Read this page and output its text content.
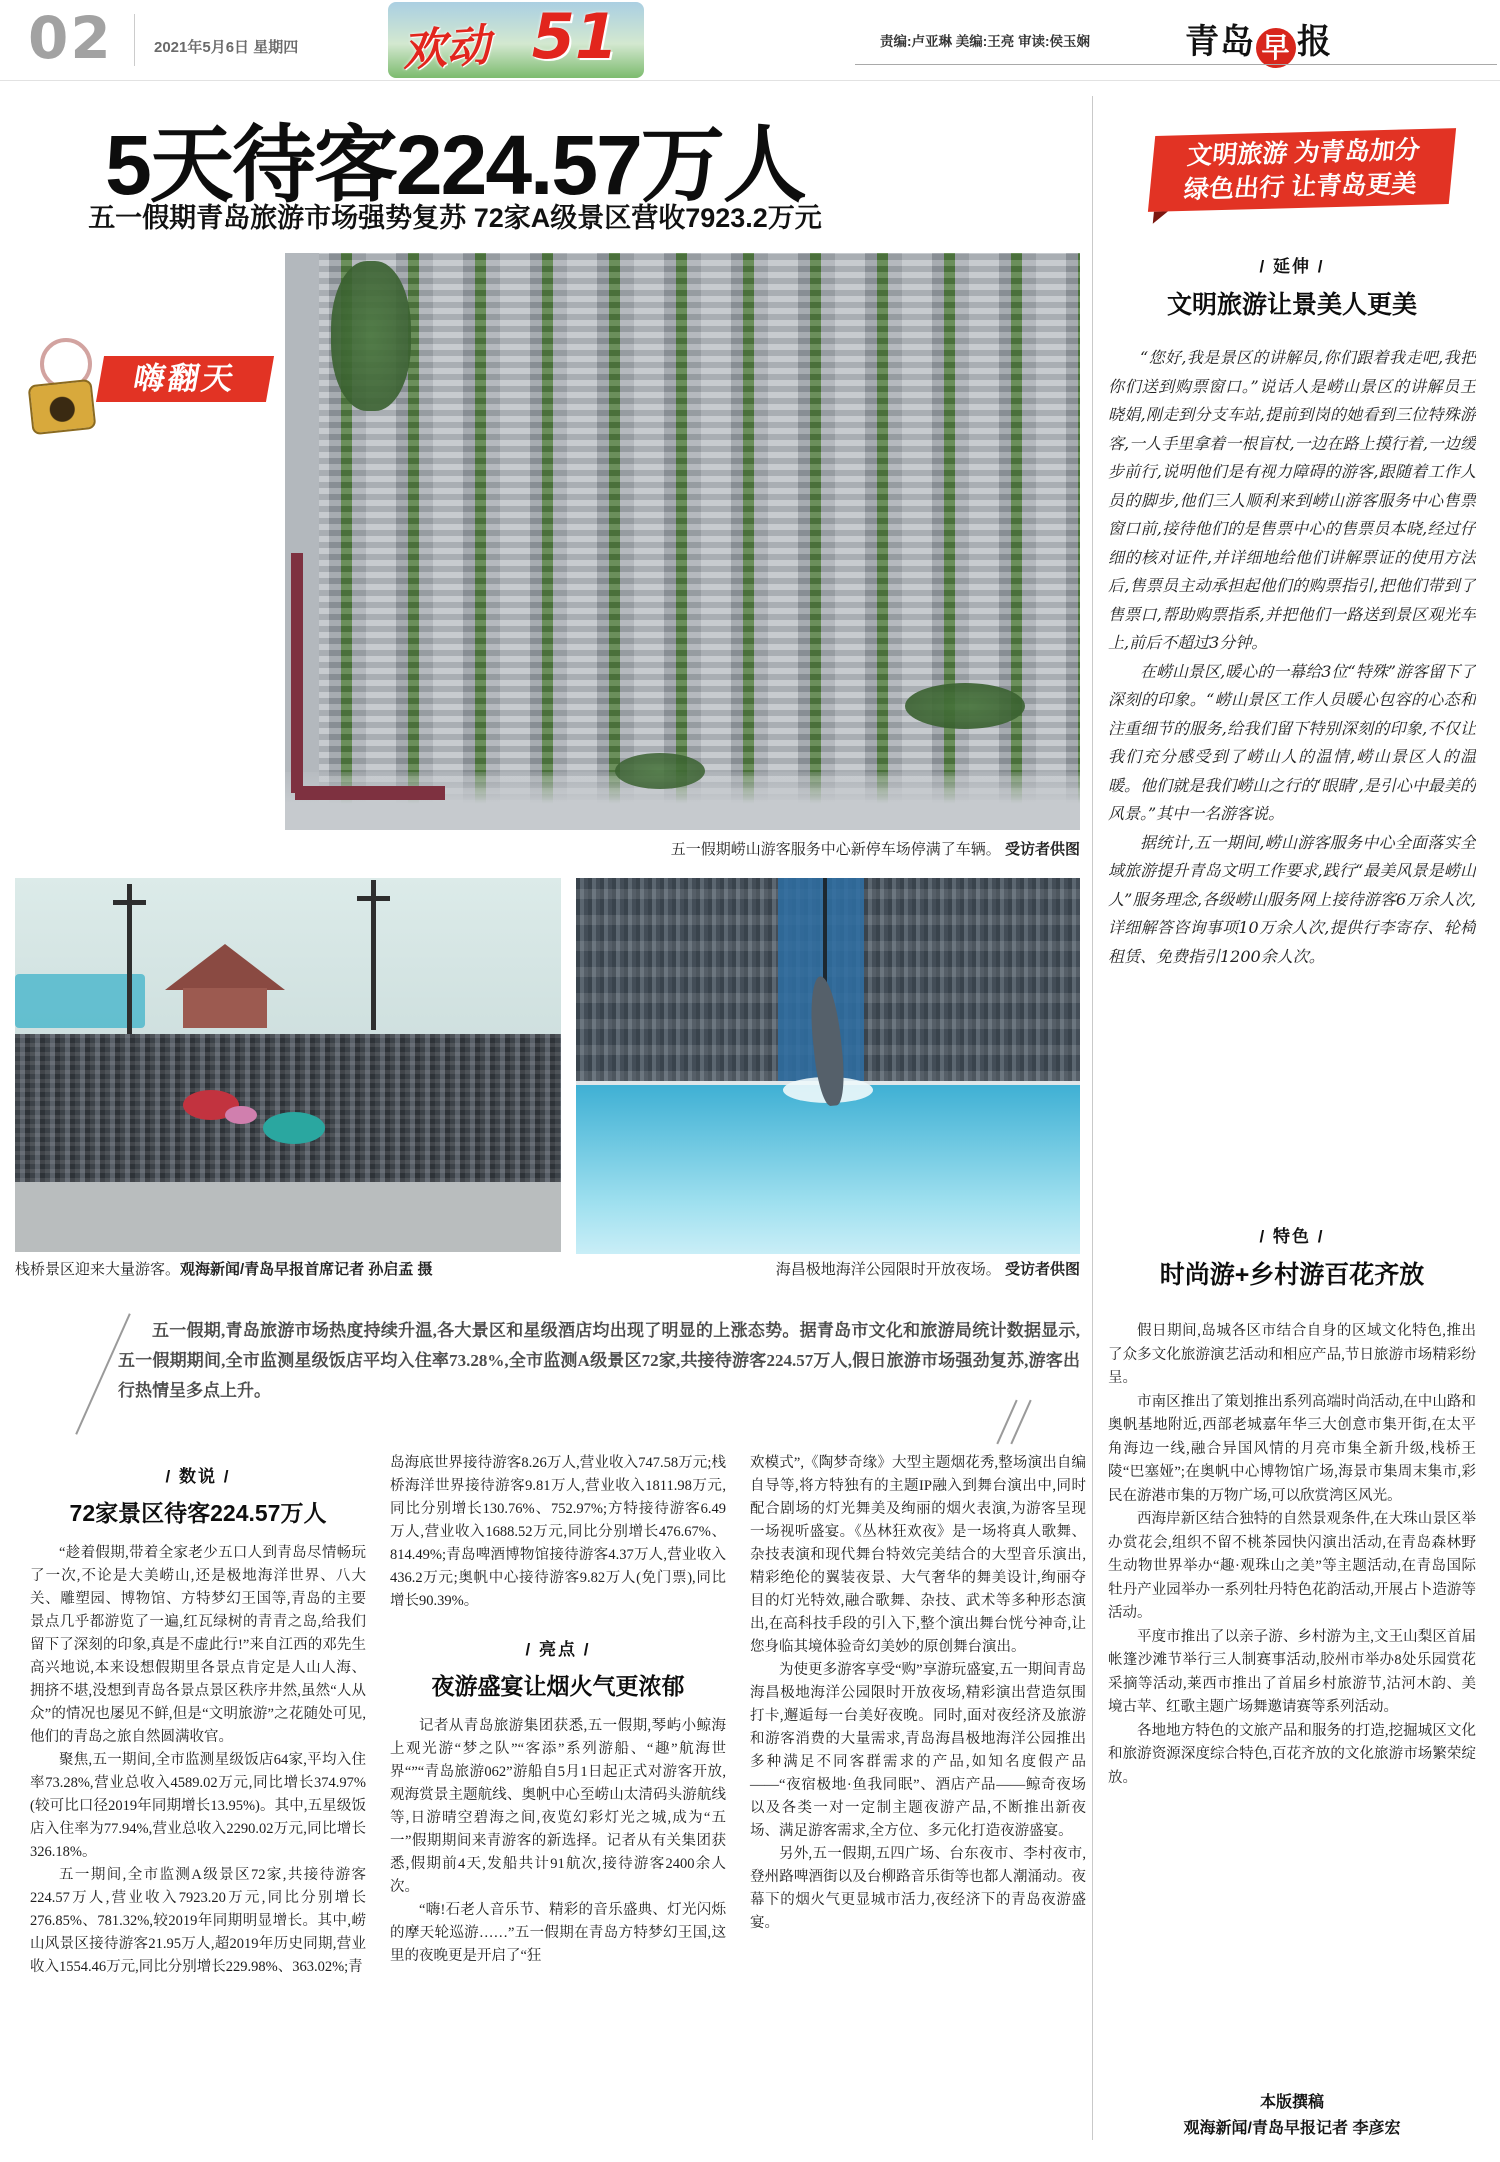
02	2021年5月6日 星期四 欢动 51	责编:卢亚琳 美编:王亮 审读:侯玉娴	青岛 早 报
5天待客224.57万人
五一假期青岛旅游市场强势复苏 72家A级景区营收7923.2万元
文明旅游 为青岛加分
绿色出行 让青岛更美
嗨翻天
五一假期崂山游客服务中心新停车场停满了车辆。 受访者供图
栈桥景区迎来大量游客。观海新闻/青岛早报首席记者 孙启孟 摄	海昌极地海洋公园限时开放夜场。 受访者供图
五一假期,青岛旅游市场热度持续升温,各大景区和星级酒店均出现了明显的上涨态势。据青岛市文化和旅游局统计数据显示,五一假期期间,全市监测星级饭店平均入住率73.28%,全市监测A级景区72家,共接待游客224.57万人,假日旅游市场强劲复苏,游客出行热情呈多点上升。
/ 数说 /
72家景区待客224.57万人

“趁着假期,带着全家老少五口人到青岛尽情畅玩了一次,不论是大美崂山,还是极地海洋世界、八大关、雕塑园、博物馆、方特梦幻王国等,青岛的主要景点几乎都游览了一遍,红瓦绿树的青青之岛,给我们留下了深刻的印象,真是不虚此行!”来自江西的邓先生高兴地说,本来设想假期里各景点肯定是人山人海、拥挤不堪,没想到青岛各景点景区秩序井然,虽然“人从众”的情况也屡见不鲜,但是“文明旅游”之花随处可见,他们的青岛之旅自然圆满收官。

聚焦,五一期间,全市监测星级饭店64家,平均入住率73.28%,营业总收入4589.02万元,同比增长374.97%(较可比口径2019年同期增长13.95%)。其中,五星级饭店入住率为77.94%,营业总收入2290.02万元,同比增长326.18%。

五一期间,全市监测A级景区72家,共接待游客224.57万人,营业收入7923.20万元,同比分别增长276.85%、781.32%,较2019年同期明显增长。其中,崂山风景区接待游客21.95万人,超2019年历史同期,营业收入1554.46万元,同比分别增长229.98%、363.02%;青

岛海底世界接待游客8.26万人,营业收入747.58万元;栈桥海洋世界接待游客9.81万人,营业收入1811.98万元,同比分别增长130.76%、752.97%;方特接待游客6.49万人,营业收入1688.52万元,同比分别增长476.67%、814.49%;青岛啤酒博物馆接待游客4.37万人,营业收入436.2万元;奥帆中心接待游客9.82万人(免门票),同比增长90.39%。

/ 亮点 /
夜游盛宴让烟火气更浓郁

记者从青岛旅游集团获悉,五一假期,琴屿小鲸海上观光游“梦之队”“客添”系列游船、“趣”航海世界“”“青岛旅游062”游船自5月1日起正式对游客开放,观海赏景主题航线、奥帆中心至崂山太清码头游航线等,日游晴空碧海之间,夜览幻彩灯光之城,成为“五一”假期期间来青游客的新选择。记者从有关集团获悉,假期前4天,发船共计91航次,接待游客2400余人次。

“嗨!石老人音乐节、精彩的音乐盛典、灯光闪烁的摩天轮巡游……”五一假期在青岛方特梦幻王国,这里的夜晚更是开启了“狂

欢模式”,《陶梦奇缘》大型主题烟花秀,整场演出自编自导等,将方特独有的主题IP融入到舞台演出中,同时配合剧场的灯光舞美及绚丽的烟火表演,为游客呈现一场视听盛宴。《丛林狂欢夜》是一场将真人歌舞、杂技表演和现代舞台特效完美结合的大型音乐演出,精彩绝伦的翼装夜景、大气奢华的舞美设计,绚丽夺目的灯光特效,融合歌舞、杂技、武术等多种形态演出,在高科技手段的引入下,整个演出舞台恍兮神奇,让您身临其境体验奇幻美妙的原创舞台演出。

为使更多游客享受“购”享游玩盛宴,五一期间青岛海昌极地海洋公园限时开放夜场,精彩演出营造氛围打卡,邂逅每一台美好夜晚。同时,面对夜经济及旅游和游客消费的大量需求,青岛海昌极地海洋公园推出多种满足不同客群需求的产品,如知名度假产品——“夜宿极地·鱼我同眠”、酒店产品——鲸奇夜场以及各类一对一定制主题夜游产品,不断推出新夜场、满足游客需求,全方位、多元化打造夜游盛宴。

另外,五一假期,五四广场、台东夜市、李村夜市,登州路啤酒街以及台柳路音乐街等也都人潮涌动。夜幕下的烟火气更显城市活力,夜经济下的青岛夜游盛宴。

/ 延伸 /
文明旅游让景美人更美

“您好,我是景区的讲解员,你们跟着我走吧,我把你们送到购票窗口。”说话人是崂山景区的讲解员王晓娟,刚走到分支车站,提前到岗的她看到三位特殊游客,一人手里拿着一根盲杖,一边在路上摸行着,一边缓步前行,说明他们是有视力障碍的游客,跟随着工作人员的脚步,他们三人顺利来到崂山游客服务中心售票窗口前,接待他们的是售票中心的售票员本晓,经过仔细的核对证件,并详细地给他们讲解票证的使用方法后,售票员主动承担起他们的购票指引,把他们带到了售票口,帮助购票指系,并把他们一路送到景区观光车上,前后不超过3分钟。

在崂山景区,暖心的一幕给3位“特殊”游客留下了深刻的印象。“崂山景区工作人员暖心包容的心态和注重细节的服务,给我们留下特别深刻的印象,不仅让我们充分感受到了崂山人的温情,崂山景区人的温暖。他们就是我们崂山之行的‘眼睛’,是引心中最美的风景。”其中一名游客说。

据统计,五一期间,崂山游客服务中心全面落实全域旅游提升青岛文明工作要求,践行“最美风景是崂山人”服务理念,各级崂山服务网上接待游客6万余人次,详细解答咨询事项10万余人次,提供行李寄存、轮椅租赁、免费指引1200余人次。

/ 特色 /
时尚游+乡村游百花齐放

假日期间,岛城各区市结合自身的区域文化特色,推出了众多文化旅游演艺活动和相应产品,节日旅游市场精彩纷呈。

市南区推出了策划推出系列高端时尚活动,在中山路和奥帆基地附近,西部老城嘉年华三大创意市集开街,在太平角海边一线,融合异国风情的月亮市集全新升级,栈桥王陵“巴塞娅”;在奥帆中心博物馆广场,海景市集周末集市,彩民在游港市集的万物广场,可以欣赏湾区风光。

西海岸新区结合独特的自然景观条件,在大珠山景区举办赏花会,组织不留不桃茶园快闪演出活动,在青岛森林野生动物世界举办“趣·观珠山之美”等主题活动,在青岛国际牡丹产业园举办一系列牡丹特色花韵活动,开展占卜造游等活动。

平度市推出了以亲子游、乡村游为主,文王山梨区首届帐篷沙滩节举行三人制赛事活动,胶州市举办8处乐园赏花采摘等活动,莱西市推出了首届乡村旅游节,沽河木韵、美境古苹、红歌主题广场舞邀请赛等系列活动。

各地地方特色的文旅产品和服务的打造,挖掘城区文化和旅游资源深度综合特色,百花齐放的文化旅游市场繁荣绽放。

本版撰稿
观海新闻/青岛早报记者 李彦宏
